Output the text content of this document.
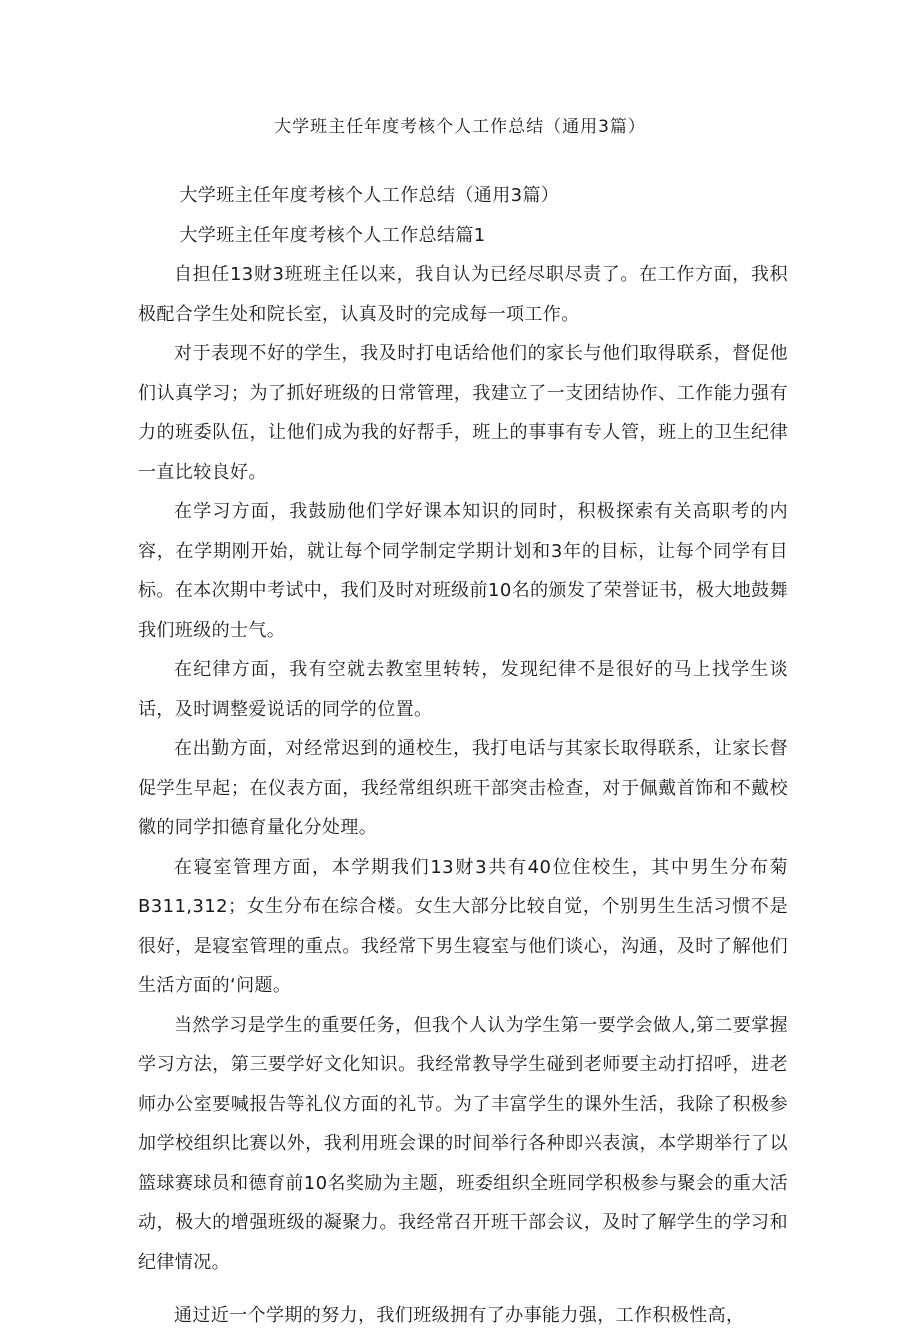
大学班主任年度考核个人工作总结（通用3篇）

大学班主任年度考核个人工作总结（通用3篇）

大学班主任年度考核个人工作总结篇1

自担任13财3班班主任以来，我自认为已经尽职尽责了。在工作方面，我积极配合学生处和院长室，认真及时的完成每一项工作。

对于表现不好的学生，我及时打电话给他们的家长与他们取得联系，督促他们认真学习；为了抓好班级的日常管理，我建立了一支团结协作、工作能力强有力的班委队伍，让他们成为我的好帮手，班上的事事有专人管，班上的卫生纪律一直比较良好。

在学习方面，我鼓励他们学好课本知识的同时，积极探索有关高职考的内容，在学期刚开始，就让每个同学制定学期计划和3年的目标，让每个同学有目标。在本次期中考试中，我们及时对班级前10名的颁发了荣誉证书，极大地鼓舞我们班级的士气。

在纪律方面，我有空就去教室里转转，发现纪律不是很好的马上找学生谈话，及时调整爱说话的同学的位置。

在出勤方面，对经常迟到的通校生，我打电话与其家长取得联系，让家长督促学生早起；在仪表方面，我经常组织班干部突击检查，对于佩戴首饰和不戴校徽的同学扣德育量化分处理。

在寝室管理方面，本学期我们13财3共有40位住校生，其中男生分布菊B311,312；女生分布在综合楼。女生大部分比较自觉，个别男生生活习惯不是很好，是寝室管理的重点。我经常下男生寝室与他们谈心，沟通，及时了解他们生活方面的‘问题。

当然学习是学生的重要任务，但我个人认为学生第一要学会做人,第二要掌握学习方法，第三要学好文化知识。我经常教导学生碰到老师要主动打招呼，进老师办公室要喊报告等礼仪方面的礼节。为了丰富学生的课外生活，我除了积极参加学校组织比赛以外，我利用班会课的时间举行各种即兴表演，本学期举行了以篮球赛球员和德育前10名奖励为主题，班委组织全班同学积极参与聚会的重大活动，极大的增强班级的凝聚力。我经常召开班干部会议，及时了解学生的学习和纪律情况。

通过近一个学期的努力，我们班级拥有了办事能力强，工作积极性高，
